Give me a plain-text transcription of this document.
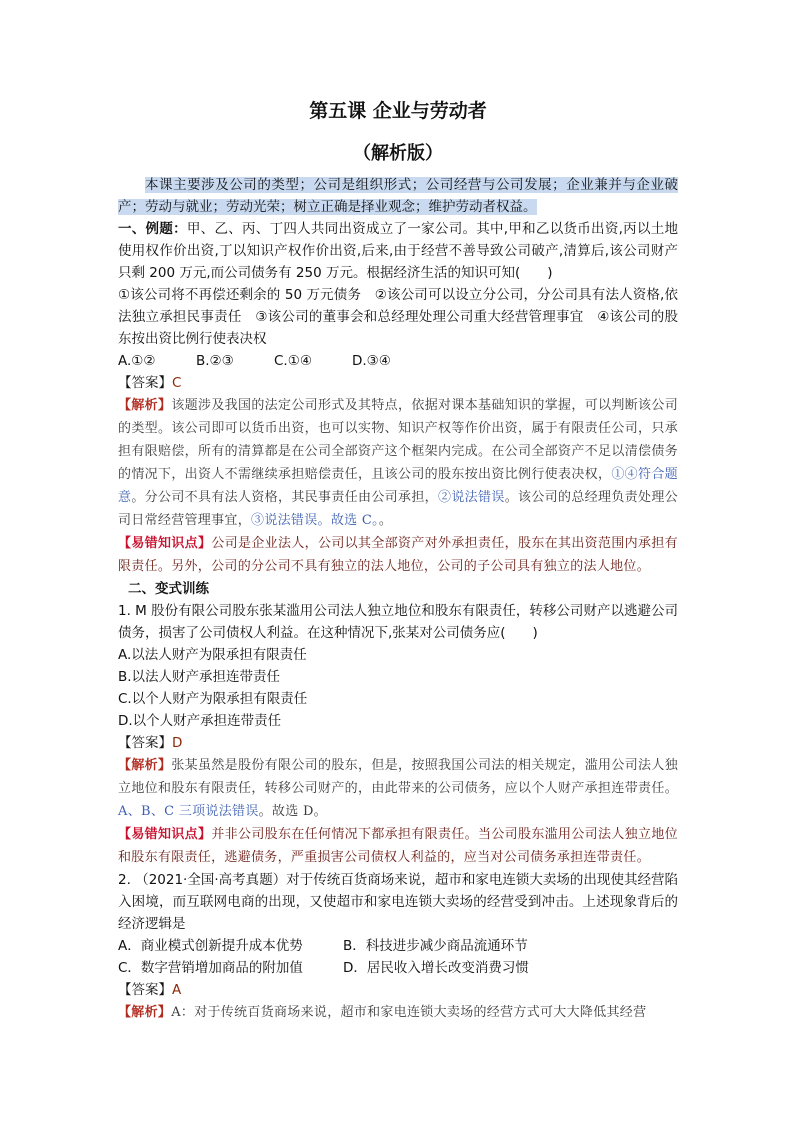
第五课 企业与劳动者
（解析版）

本课主要涉及公司的类型；公司是组织形式；公司经营与公司发展；企业兼并与企业破产；劳动与就业；劳动光荣；树立正确是择业观念；维护劳动者权益。

一、例题：甲、乙、丙、丁四人共同出资成立了一家公司。其中,甲和乙以货币出资,丙以土地使用权作价出资,丁以知识产权作价出资,后来,由于经营不善导致公司破产,清算后,该公司财产只剩 200 万元,而公司债务有 250 万元。根据经济生活的知识可知(　　)

①该公司将不再偿还剩余的 50 万元债务　②该公司可以设立分公司，分公司具有法人资格,依法独立承担民事责任　③该公司的董事会和总经理处理公司重大经营管理事宜　④该公司的股东按出资比例行使表决权

A.①②	B.②③	C.①④	D.③④

【答案】C

【解析】该题涉及我国的法定公司形式及其特点，依据对课本基础知识的掌握，可以判断该公司的类型。该公司即可以货币出资，也可以实物、知识产权等作价出资，属于有限责任公司，只承担有限赔偿，所有的清算都是在公司全部资产这个框架内完成。在公司全部资产不足以清偿债务的情况下，出资人不需继续承担赔偿责任，且该公司的股东按出资比例行使表决权，①④符合题意。分公司不具有法人资格，其民事责任由公司承担，②说法错误。该公司的总经理负责处理公司日常经营管理事宜，③说法错误。故选 C。。

【易错知识点】公司是企业法人，公司以其全部资产对外承担责任，股东在其出资范围内承担有限责任。另外，公司的分公司不具有独立的法人地位，公司的子公司具有独立的法人地位。

二、变式训练

1. M 股份有限公司股东张某滥用公司法人独立地位和股东有限责任，转移公司财产以逃避公司债务，损害了公司债权人利益。在这种情况下,张某对公司债务应(　　)

A.以法人财产为限承担有限责任

B.以法人财产承担连带责任

C.以个人财产为限承担有限责任

D.以个人财产承担连带责任

【答案】D

【解析】张某虽然是股份有限公司的股东，但是，按照我国公司法的相关规定，滥用公司法人独立地位和股东有限责任，转移公司财产的，由此带来的公司债务，应以个人财产承担连带责任。A、B、C 三项说法错误。故选 D。

【易错知识点】并非公司股东在任何情况下都承担有限责任。当公司股东滥用公司法人独立地位和股东有限责任，逃避债务，严重损害公司债权人利益的，应当对公司债务承担连带责任。

2. （2021·全国·高考真题）对于传统百货商场来说，超市和家电连锁大卖场的出现使其经营陷入困境，而互联网电商的出现，又使超市和家电连锁大卖场的经营受到冲击。上述现象背后的经济逻辑是

A．商业模式创新提升成本优势	B．科技进步减少商品流通环节

C．数字营销增加商品的附加值	D．居民收入增长改变消费习惯

【答案】A

【解析】A：对于传统百货商场来说，超市和家电连锁大卖场的经营方式可大大降低其经营
